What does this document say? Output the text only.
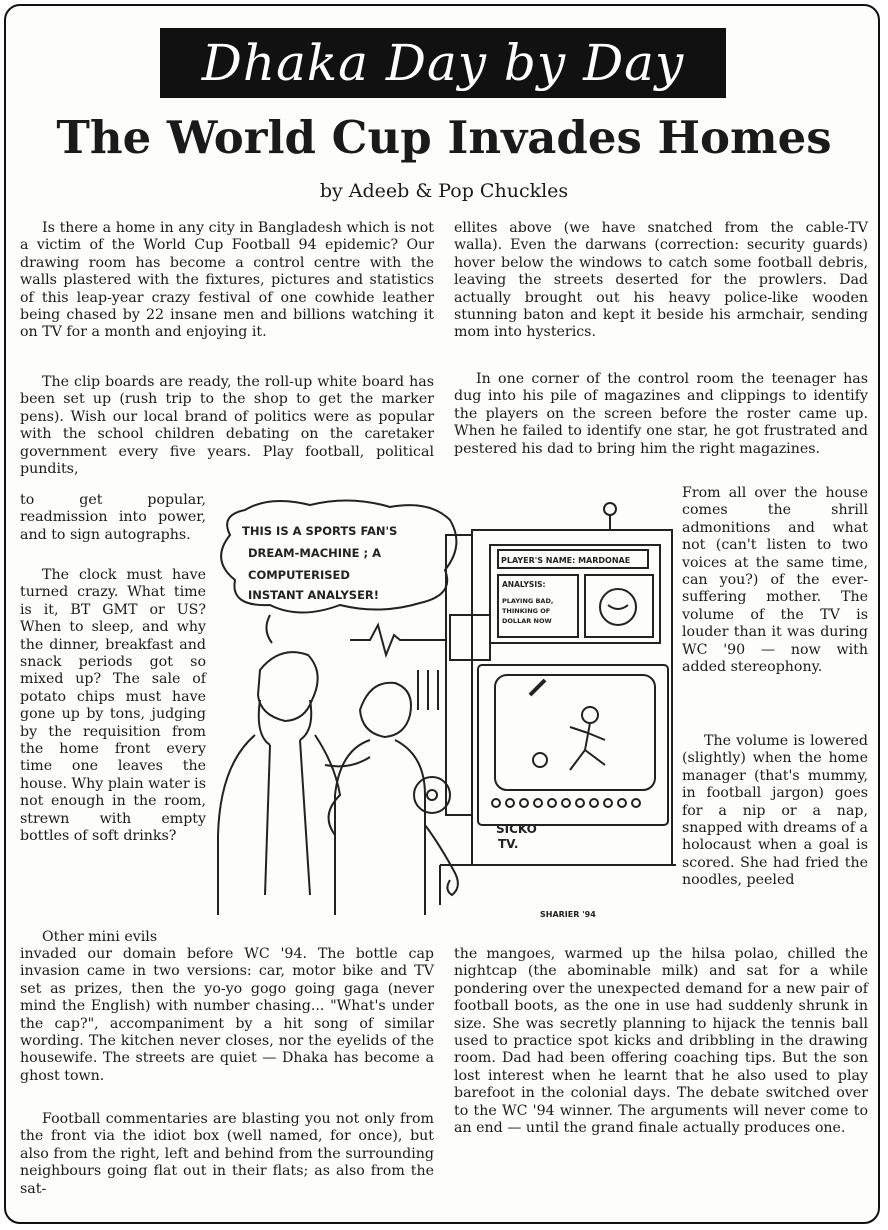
Dhaka Day by Day
The World Cup Invades Homes
by Adeeb & Pop Chuckles

Is there a home in any city in Bangladesh which is not a victim of the World Cup Football 94 epidemic? Our drawing room has become a control centre with the walls plastered with the fixtures, pictures and statistics of this leap-year crazy festival of one cowhide leather being chased by 22 insane men and billions watching it on TV for a month and enjoying it.

The clip boards are ready, the roll-up white board has been set up (rush trip to the shop to get the marker pens). Wish our local brand of politics were as popular with the school children debating on the caretaker government every five years. Play football, political pundits,

to get popular, readmission into power, and to sign autographs.

The clock must have turned crazy. What time is it, BT GMT or US? When to sleep, and why the dinner, breakfast and snack periods got so mixed up? The sale of potato chips must have gone up by tons, judging by the requisition from the home front every time one leaves the house. Why plain water is not enough in the room, strewn with empty bottles of soft drinks?

Other mini evils

invaded our domain before WC '94. The bottle cap invasion came in two versions: car, motor bike and TV set as prizes, then the yo-yo gogo going gaga (never mind the English) with number chasing... "What's under the cap?", accompaniment by a hit song of similar wording. The kitchen never closes, nor the eyelids of the housewife. The streets are quiet — Dhaka has become a ghost town.

Football commentaries are blasting you not only from the front via the idiot box (well named, for once), but also from the right, left and behind from the surrounding neighbours going flat out in their flats; as also from the sat-

ellites above (we have snatched from the cable-TV walla). Even the darwans (correction: security guards) hover below the windows to catch some football debris, leaving the streets deserted for the prowlers. Dad actually brought out his heavy police-like wooden stunning baton and kept it beside his armchair, sending mom into hysterics.

In one corner of the control room the teenager has dug into his pile of magazines and clippings to identify the players on the screen before the roster came up. When he failed to identify one star, he got frustrated and pestered his dad to bring him the right magazines.

From all over the house comes the shrill admonitions and what not (can't listen to two voices at the same time, can you?) of the ever-suffering mother. The volume of the TV is louder than it was during WC '90 — now with added stereophony.

The volume is lowered (slightly) when the home manager (that's mummy, in football jargon) goes for a nip or a nap, snapped with dreams of a holocaust when a goal is scored. She had fried the noodles, peeled

the mangoes, warmed up the hilsa polao, chilled the nightcap (the abominable milk) and sat for a while pondering over the unexpected demand for a new pair of football boots, as the one in use had suddenly shrunk in size. She was secretly planning to hijack the tennis ball used to practice spot kicks and dribbling in the drawing room. Dad had been offering coaching tips. But the son lost interest when he learnt that he also used to play barefoot in the colonial days. The debate switched over to the WC '94 winner. The arguments will never come to an end — until the grand finale actually produces one.

THIS IS A SPORTS FAN'S
DREAM-MACHINE ; A
COMPUTERISED
INSTANT ANALYSER!
PLAYER'S NAME: MARDONAE
ANALYSIS:
PLAYING BAD,
THINKING OF
DOLLAR NOW
SICKO
TV.
SHARIER '94
